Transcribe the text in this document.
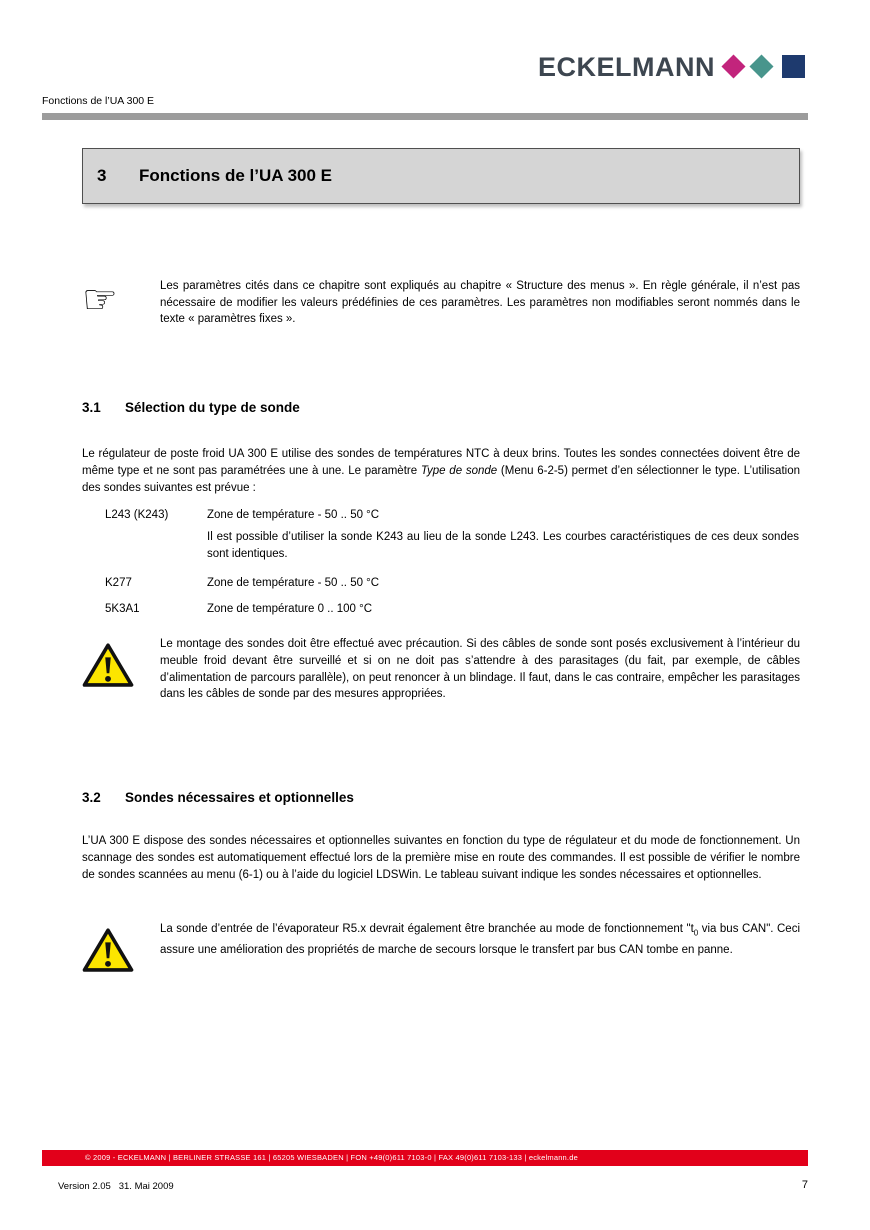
ECKELMANN
Fonctions de l’UA 300 E
3	Fonctions de l’UA 300 E
☞	Les paramètres cités dans ce chapitre sont expliqués au chapitre « Structure des menus ». En règle générale, il n’est pas nécessaire de modifier les valeurs prédéfinies de ces paramètres. Les paramètres non modifiables seront nommés dans le texte « paramètres fixes ».

3.1 Sélection du type de sonde

Le régulateur de poste froid UA 300 E utilise des sondes de températures NTC à deux brins. Toutes les sondes connectées doivent être de même type et ne sont pas paramétrées une à une. Le paramètre Type de sonde (Menu 6-2-5) permet d’en sélectionner le type. L’utilisation des sondes suivantes est prévue :

L243 (K243)	Zone de température - 50 .. 50 °C

Il est possible d’utiliser la sonde K243 au lieu de la sonde L243. Les courbes caractéristiques de ces deux sondes sont identiques.

K277	Zone de température - 50 .. 50 °C
5K3A1	Zone de température 0 .. 100 °C

Le montage des sondes doit être effectué avec précaution. Si des câbles de sonde sont posés exclusivement à l’intérieur du meuble froid devant être surveillé et si on ne doit pas s’attendre à des parasitages (du fait, par exemple, de câbles d’alimentation de parcours parallèle), on peut renoncer à un blindage. Il faut, dans le cas contraire, empêcher les parasitages dans les câbles de sonde par des mesures appropriées.

3.2 Sondes nécessaires et optionnelles

L’UA 300 E dispose des sondes nécessaires et optionnelles suivantes en fonction du type de régulateur et du mode de fonctionnement. Un scannage des sondes est automatiquement effectué lors de la première mise en route des commandes. Il est possible de vérifier le nombre de sondes scannées au menu (6-1) ou à l’aide du logiciel LDSWin. Le tableau suivant indique les sondes nécessaires et optionnelles.

La sonde d’entrée de l’évaporateur R5.x devrait également être branchée au mode de fonctionnement "$t_0$ via bus CAN". Ceci assure une amélioration des propriétés de marche de secours lorsque le transfert par bus CAN tombe en panne.

© 2009 - ECKELMANN | BERLINER STRASSE 161 | 65205 WIESBADEN | FON +49(0)611 7103-0 | FAX 49(0)611 7103-133 | eckelmann.de
Version 2.05   31. Mai 2009	7
